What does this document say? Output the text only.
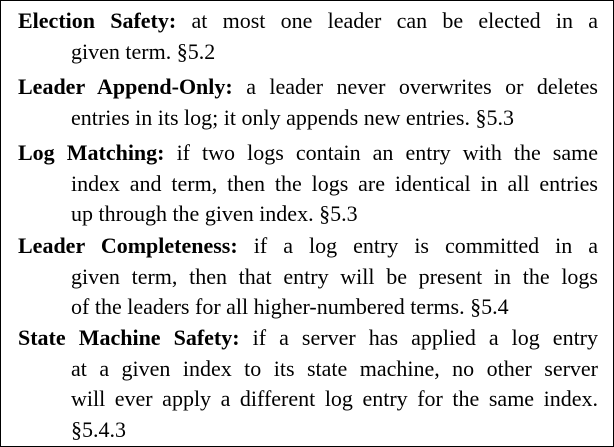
Election Safety: at most one leader can be elected in a
given term. §5.2

Leader Append-Only: a leader never overwrites or deletes
entries in its log; it only appends new entries. §5.3

Log Matching: if two logs contain an entry with the same
index and term, then the logs are identical in all entries
up through the given index. §5.3

Leader Completeness: if a log entry is committed in a
given term, then that entry will be present in the logs
of the leaders for all higher-numbered terms. §5.4

State Machine Safety: if a server has applied a log entry
at a given index to its state machine, no other server
will ever apply a different log entry for the same index.
§5.4.3
